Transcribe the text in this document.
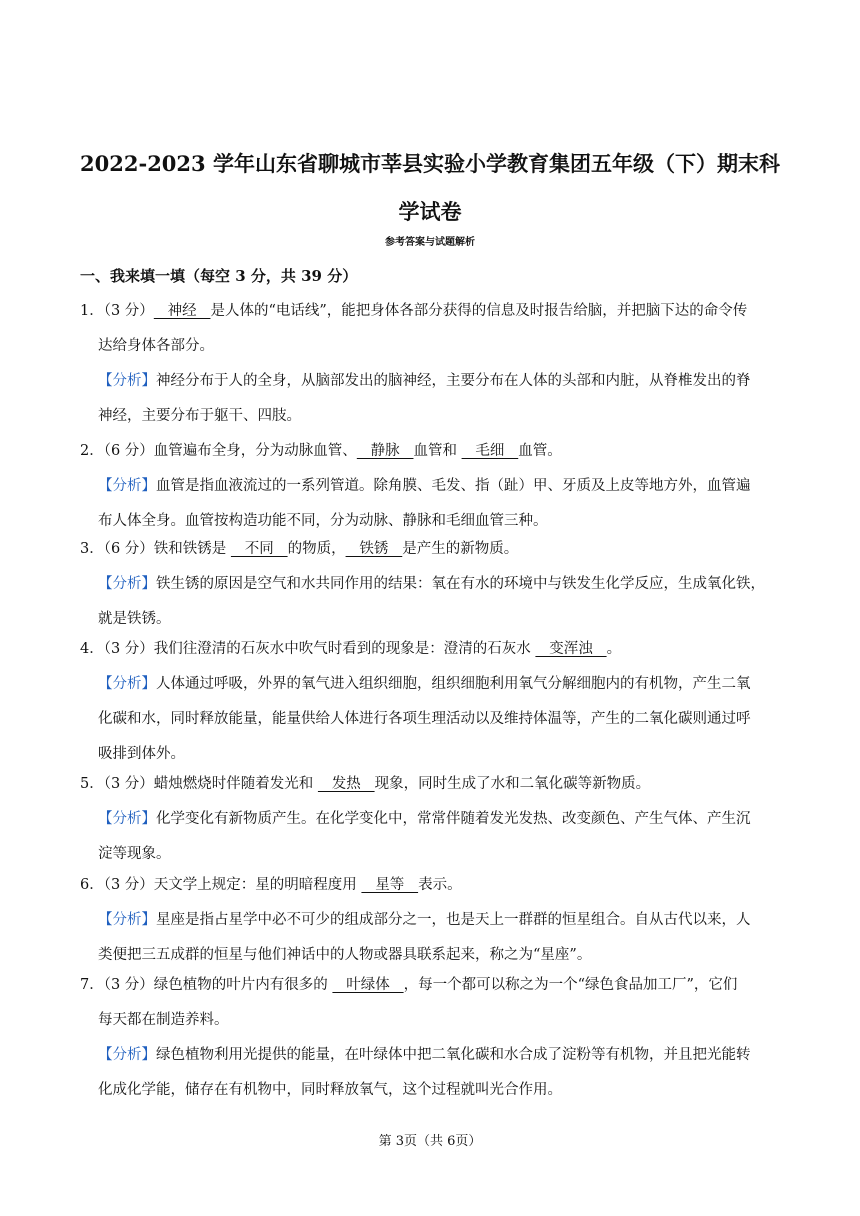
2022-2023 学年山东省聊城市莘县实验小学教育集团五年级（下）期末科
学试卷
参考答案与试题解析
一、我来填一填（每空 3 分，共 39 分）
1．（3 分）   神经   是人体的“电话线”，能把身体各部分获得的信息及时报告给脑，并把脑下达的命令传
达给身体各部分。
【分析】神经分布于人的全身，从脑部发出的脑神经，主要分布在人体的头部和内脏，从脊椎发出的脊
神经，主要分布于躯干、四肢。
2．（6 分）血管遍布全身，分为动脉血管、   静脉   血管和    毛细   血管。
【分析】血管是指血液流过的一系列管道。除角膜、毛发、指（趾）甲、牙质及上皮等地方外，血管遍
布人体全身。血管按构造功能不同，分为动脉、静脉和毛细血管三种。
3．（6 分）铁和铁锈是    不同   的物质，   铁锈   是产生的新物质。
【分析】铁生锈的原因是空气和水共同作用的结果：氧在有水的环境中与铁发生化学反应，生成氧化铁，
就是铁锈。
4．（3 分）我们往澄清的石灰水中吹气时看到的现象是：澄清的石灰水    变浑浊   。
【分析】人体通过呼吸，外界的氧气进入组织细胞，组织细胞利用氧气分解细胞内的有机物，产生二氧
化碳和水，同时释放能量，能量供给人体进行各项生理活动以及维持体温等，产生的二氧化碳则通过呼
吸排到体外。
5．（3 分）蜡烛燃烧时伴随着发光和    发热   现象，同时生成了水和二氧化碳等新物质。
【分析】化学变化有新物质产生。在化学变化中，常常伴随着发光发热、改变颜色、产生气体、产生沉
淀等现象。
6．（3 分）天文学上规定：星的明暗程度用    星等   表示。
【分析】星座是指占星学中必不可少的组成部分之一，也是天上一群群的恒星组合。自从古代以来，人
类便把三五成群的恒星与他们神话中的人物或器具联系起来，称之为“星座”。
7．（3 分）绿色植物的叶片内有很多的    叶绿体   ，每一个都可以称之为一个“绿色食品加工厂”，它们
每天都在制造养料。
【分析】绿色植物利用光提供的能量，在叶绿体中把二氧化碳和水合成了淀粉等有机物，并且把光能转
化成化学能，储存在有机物中，同时释放氧气，这个过程就叫光合作用。
第 3页（共 6页）
